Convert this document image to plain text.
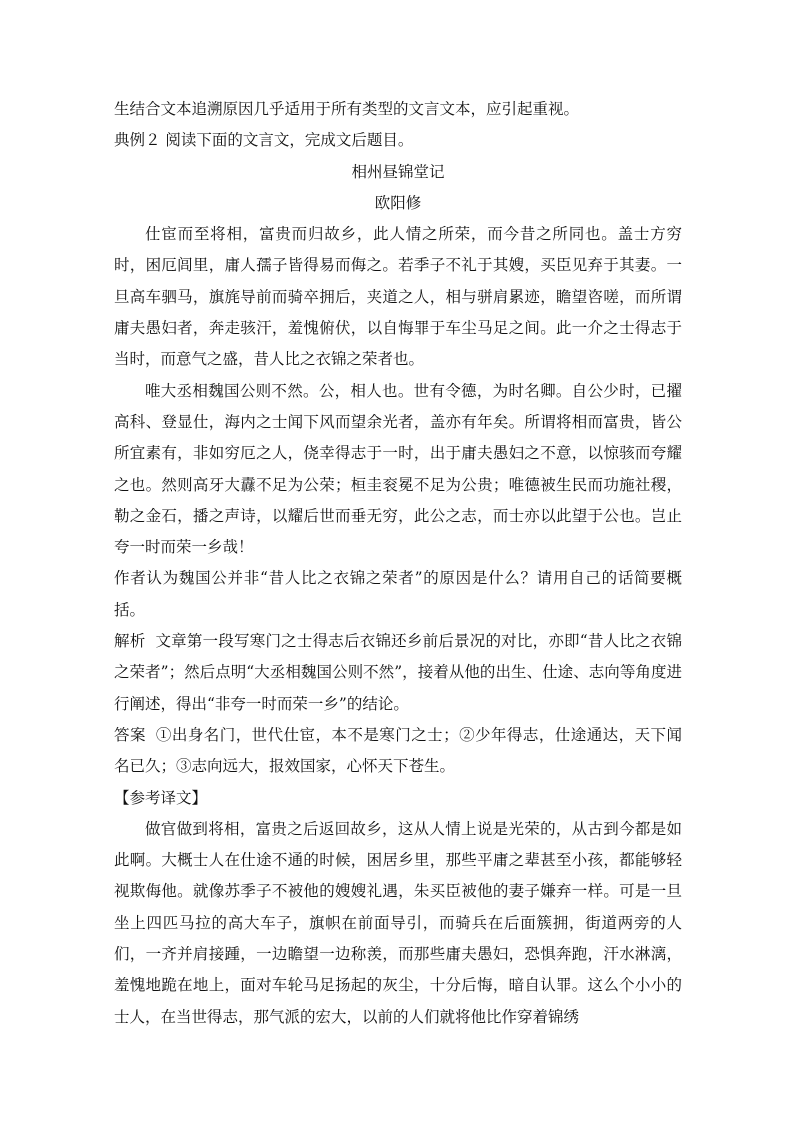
生结合文本追溯原因几乎适用于所有类型的文言文本，应引起重视。

典例２ 阅读下面的文言文，完成文后题目。

相州昼锦堂记

欧阳修

仕宦而至将相，富贵而归故乡，此人情之所荣，而今昔之所同也。盖士方穷时，困厄闾里，庸人孺子皆得易而侮之。若季子不礼于其嫂，买臣见弃于其妻。一旦高车驷马，旗旄导前而骑卒拥后，夹道之人，相与骈肩累迹，瞻望咨嗟，而所谓庸夫愚妇者，奔走骇汗，羞愧俯伏，以自悔罪于车尘马足之间。此一介之士得志于当时，而意气之盛，昔人比之衣锦之荣者也。

唯大丞相魏国公则不然。公，相人也。世有令德，为时名卿。自公少时，已擢高科、登显仕，海内之士闻下风而望余光者，盖亦有年矣。所谓将相而富贵，皆公所宜素有，非如穷厄之人，侥幸得志于一时，出于庸夫愚妇之不意，以惊骇而夸耀之也。然则高牙大纛不足为公荣；桓圭衮冕不足为公贵；唯德被生民而功施社稷，勒之金石，播之声诗，以耀后世而垂无穷，此公之志，而士亦以此望于公也。岂止夸一时而荣一乡哉！

作者认为魏国公并非“昔人比之衣锦之荣者”的原因是什么？请用自己的话简要概括。

解析 文章第一段写寒门之士得志后衣锦还乡前后景况的对比，亦即“昔人比之衣锦之荣者”；然后点明“大丞相魏国公则不然”，接着从他的出生、仕途、志向等角度进行阐述，得出“非夸一时而荣一乡”的结论。

答案 ①出身名门，世代仕宦，本不是寒门之士；②少年得志，仕途通达，天下闻名已久；③志向远大，报效国家，心怀天下苍生。

【参考译文】

做官做到将相，富贵之后返回故乡，这从人情上说是光荣的，从古到今都是如此啊。大概士人在仕途不通的时候，困居乡里，那些平庸之辈甚至小孩，都能够轻视欺侮他。就像苏季子不被他的嫂嫂礼遇，朱买臣被他的妻子嫌弃一样。可是一旦坐上四匹马拉的高大车子，旗帜在前面导引，而骑兵在后面簇拥，街道两旁的人们，一齐并肩接踵，一边瞻望一边称羡，而那些庸夫愚妇，恐惧奔跑，汗水淋漓，羞愧地跪在地上，面对车轮马足扬起的灰尘，十分后悔，暗自认罪。这么个小小的士人，在当世得志，那气派的宏大，以前的人们就将他比作穿着锦绣
